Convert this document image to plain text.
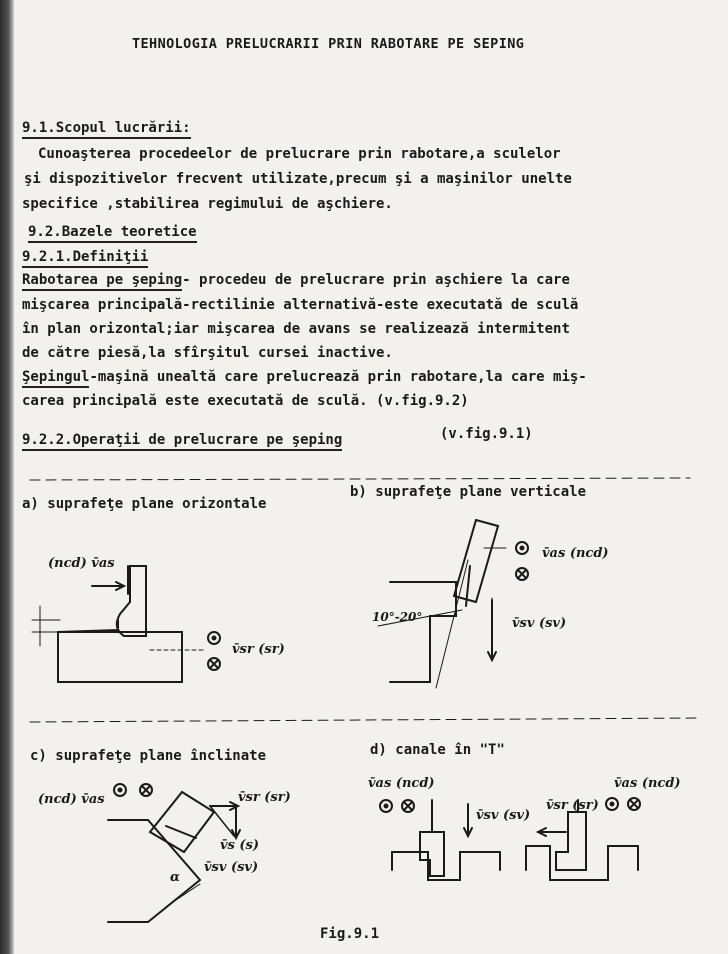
TEHNOLOGIA PRELUCRARII PRIN RABOTARE PE SEPING
9.1.Scopul lucrării:
Cunoaşterea procedeelor de prelucrare prin rabotare,a sculelor
şi dispozitivelor frecvent utilizate,precum şi a maşinilor unelte
specifice ,stabilirea regimului de aşchiere.
9.2.Bazele teoretice
9.2.1.Definiţii
Rabotarea pe şeping- procedeu de prelucrare prin aşchiere la care
mişcarea principală-rectilinie alternativă-este executată de sculă
în plan orizontal;iar mişcarea de avans se realizează intermitent
de către piesă,la sfîrşitul cursei inactive.
Şepingul-maşină unealtă care prelucrează prin rabotare,la care miş-
carea principală este executată de sculă. (v.fig.9.2)
9.2.2.Operaţii de prelucrare pe şeping	(v.fig.9.1)
a) suprafeţe plane orizontale
b) suprafeţe plane verticale
c) suprafeţe plane înclinate	d) canale în "T"
Fig.9.1
(ncd) v̄as
v̄sr (sr)
v̄as (ncd)
v̄sv (sv)
10°-20°
(ncd) v̄as	v̄sr (sr)
v̄s (s)
v̄sv (sv)
α
v̄as (ncd)
v̄sv (sv)
v̄sr (sr)
v̄as (ncd)
